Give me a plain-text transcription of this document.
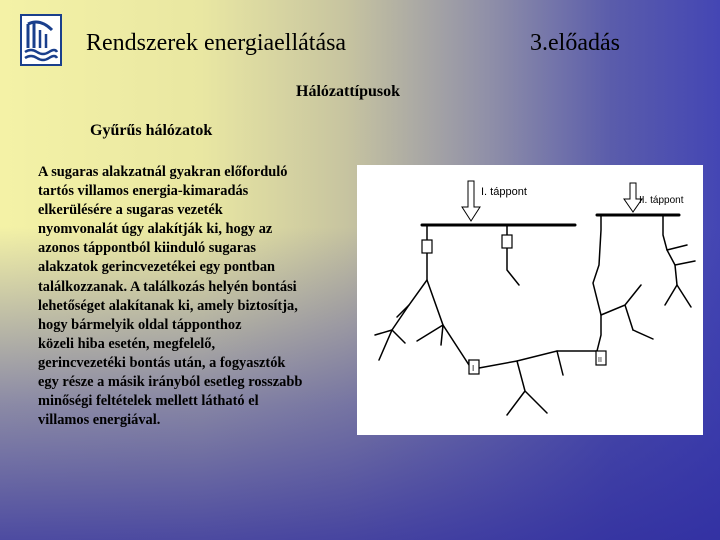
Rendszerek energiaellátása	3.előadás
Hálózattípusok
Gyűrűs hálózatok
A sugaras alakzatnál gyakran előforduló
tartós villamos energia-kimaradás
elkerülésére a sugaras vezeték
nyomvonalát úgy alakítják ki, hogy az
azonos táppontból kiinduló sugaras
alakzatok gerincvezetékei egy pontban
találkozzanak. A találkozás helyén bontási
lehetőséget alakítanak ki, amely biztosítja,
hogy bármelyik oldal tápponthoz
közeli hiba esetén, megfelelő,
gerincvezetéki bontás után, a fogyasztók
egy része a másik irányból esetleg rosszabb
minőségi feltételek mellett látható el
villamos energiával.
I. táppont
II. táppont
I
II
